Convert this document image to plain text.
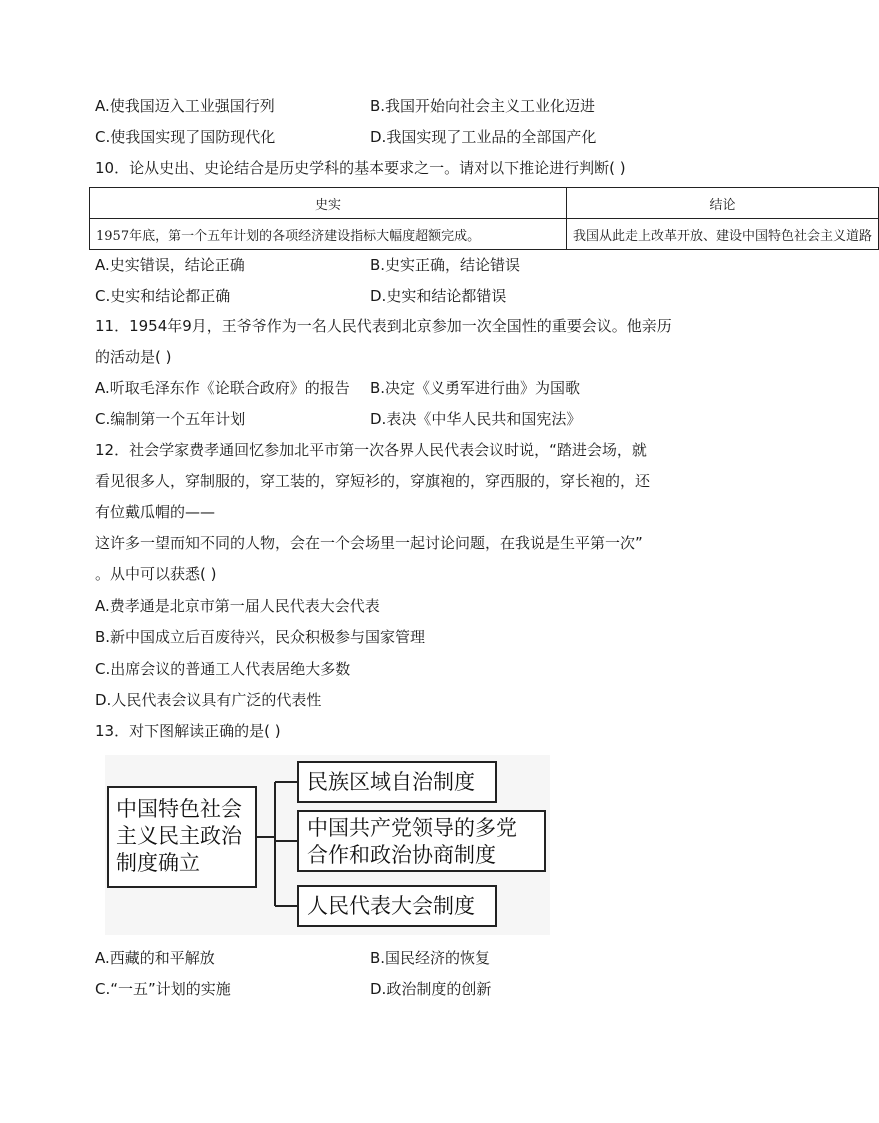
A.使我国迈入工业强国行列	B.我国开始向社会主义工业化迈进
C.使我国实现了国防现代化	D.我国实现了工业品的全部国产化
10．论从史出、史论结合是历史学科的基本要求之一。请对以下推论进行判断( )
史实	结论
1957年底，第一个五年计划的各项经济建设指标大幅度超额完成。	我国从此走上改革开放、建设中国特色社会主义道路
A.史实错误，结论正确	B.史实正确，结论错误
C.史实和结论都正确	D.史实和结论都错误
11．1954年9月，王爷爷作为一名人民代表到北京参加一次全国性的重要会议。他亲历
的活动是( )
A.听取毛泽东作《论联合政府》的报告 B.决定《义勇军进行曲》为国歌
C.编制第一个五年计划	D.表决《中华人民共和国宪法》
12．社会学家费孝通回忆参加北平市第一次各界人民代表会议时说，“踏进会场，就
看见很多人，穿制服的，穿工装的，穿短衫的，穿旗袍的，穿西服的，穿长袍的，还
有位戴瓜帽的——
这许多一望而知不同的人物，会在一个会场里一起讨论问题，在我说是生平第一次”
。从中可以获悉( )
A.费孝通是北京市第一届人民代表大会代表
B.新中国成立后百废待兴，民众积极参与国家管理
C.出席会议的普通工人代表居绝大多数
D.人民代表会议具有广泛的代表性
13．对下图解读正确的是( )
中国特色社会
主义民主政治
制度确立
民族区域自治制度
中国共产党领导的多党
合作和政治协商制度
人民代表大会制度
A.西藏的和平解放	B.国民经济的恢复
C.“一五”计划的实施	D.政治制度的创新
